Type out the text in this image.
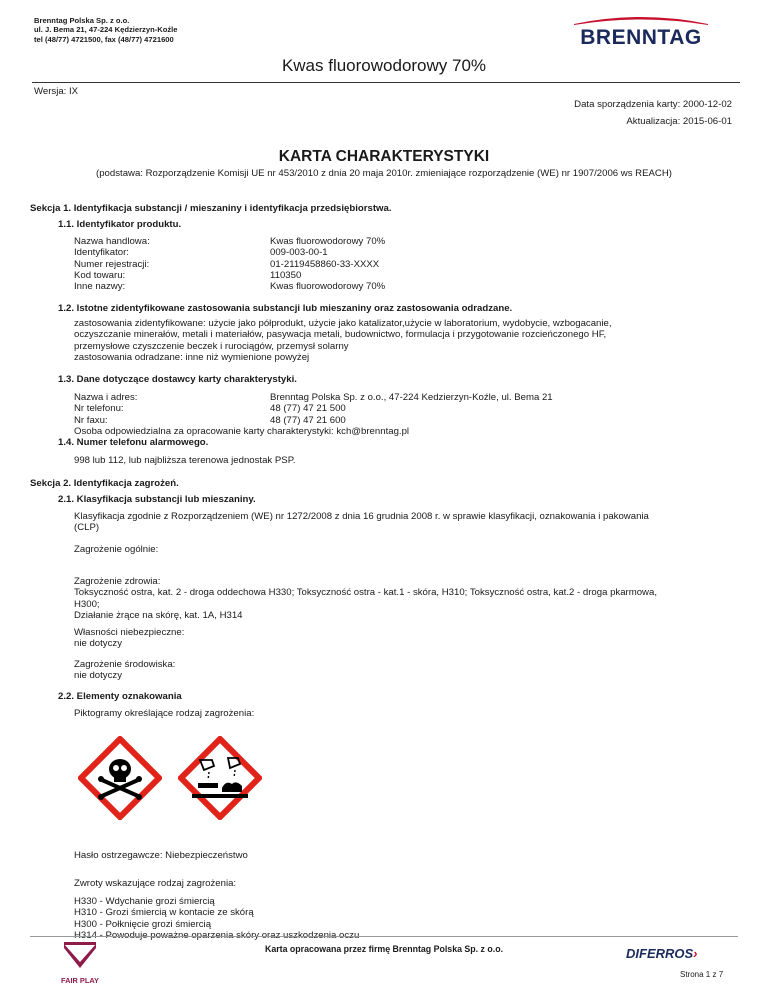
Brenntag Polska Sp. z o.o.
ul. J. Bema 21, 47-224 Kędzierzyn-Koźle
tel (48/77) 4721500, fax (48/77) 4721600	BRENNTAG
Kwas fluorowodorowy 70%
Wersja: IX
Data sporządzenia karty: 2000-12-02
Aktualizacja: 2015-06-01
KARTA CHARAKTERYSTYKI
(podstawa: Rozporządzenie Komisji UE nr 453/2010 z dnia 20 maja 2010r. zmieniające rozporządzenie (WE) nr 1907/2006 ws REACH)
Sekcja 1. Identyfikacja substancji / mieszaniny i identyfikacja przedsiębiorstwa.
1.1. Identyfikator produktu.
Nazwa handlowa:
Identyfikator:
Numer rejestracji:
Kod towaru:
Inne nazwy:
Kwas fluorowodorowy 70%
009-003-00-1
01-2119458860-33-XXXX
110350
Kwas fluorowodorowy 70%
1.2. Istotne zidentyfikowane zastosowania substancji lub mieszaniny oraz zastosowania odradzane.
zastosowania zidentyfikowane: użycie jako półprodukt, użycie jako katalizator,użycie w laboratorium, wydobycie, wzbogacanie,
oczyszczanie minerałów, metali i materiałów, pasywacja metali, budownictwo, formulacja i przygotowanie rozcieńczonego HF,
przemysłowe czyszczenie beczek i rurociągów, przemysł solarny
zastosowania odradzane: inne niż wymienione powyżej
1.3. Dane dotyczące dostawcy karty charakterystyki.
Nazwa i adres:
Nr telefonu:
Nr faxu:
Osoba odpowiedzialna za opracowanie karty charakterystyki: kch@brenntag.pl
Brenntag Polska Sp. z o.o., 47-224 Kedzierzyn-Koźle, ul. Bema 21
48 (77) 47 21 500
48 (77) 47 21 600
1.4. Numer telefonu alarmowego.
998 lub 112, lub najbliższa terenowa jednostak PSP.
Sekcja 2. Identyfikacja zagrożeń.
2.1. Klasyfikacja substancji lub mieszaniny.
Klasyfikacja zgodnie z Rozporządzeniem (WE) nr 1272/2008 z dnia 16 grudnia 2008 r. w sprawie klasyfikacji, oznakowania i pakowania
(CLP)
Zagrożenie ogólnie:
Zagrożenie zdrowia:
Toksyczność ostra, kat. 2 - droga oddechowa H330; Toksyczność ostra - kat.1 - skóra, H310; Toksyczność ostra, kat.2 - droga pkarmowa,
H300;
Działanie żrące na skórę, kat. 1A, H314
Własności niebezpieczne:
nie dotyczy
Zagrożenie środowiska:
nie dotyczy
2.2. Elementy oznakowania
Piktogramy określające rodzaj zagrożenia:
Hasło ostrzegawcze: Niebezpieczeństwo
Zwroty wskazujące rodzaj zagrożenia:
H330 - Wdychanie grozi śmiercią
H310 - Grozi śmiercią w kontacie ze skórą
H300 - Połknięcie grozi śmiercią
FAIR PLAY
Karta opracowana przez firmę Brenntag Polska Sp. z o.o.	DIFERROS›
Strona 1 z 7
